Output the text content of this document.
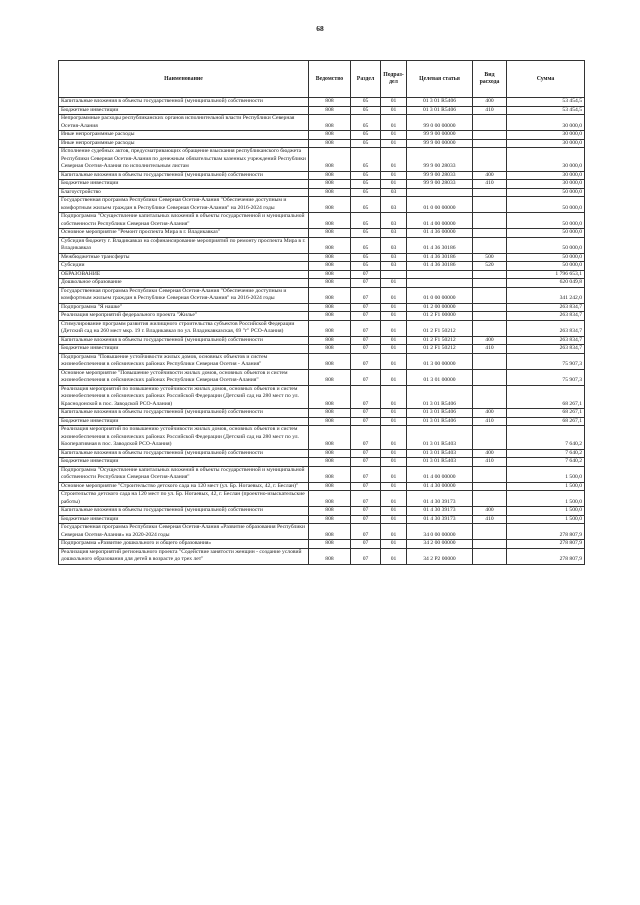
68
Наименование	Ведомство	Раздел	Подраз-дел	Целевая статья	Вид расхода	Сумма
Капитальные вложения в объекты государственной (муниципальной) собственности	808	05	01	01 3 01 R5406	400	53 454,5
Бюджетные инвестиции	808	05	01	01 3 01 R5406	410	53 454,5
Непрограммные расходы республиканских органов исполнительной власти Республики Северная Осетия-Алания	808	05	01	99 0 00 00000		30 000,0
Иные непрограммные расходы	808	05	01	99 9 00 00000		30 000,0
Иные непрограммные расходы	808	05	01	99 9 00 00000		30 000,0
Исполнение судебных актов, предусматривающих обращение взыскания республиканского бюджета Республики Северная Осетия-Алания по денежным обязательствам казенных учреждений Республики Северная Осетия-Алания по исполнительным листам	808	05	01	99 9 00 28033		30 000,0
Капитальные вложения в объекты государственной (муниципальной) собственности	808	05	01	99 9 00 28033	400	30 000,0
Бюджетные инвестиции	808	05	01	99 9 00 28033	410	30 000,0
Благоустройство	808	05	03			50 000,0
Государственная программа Республики Северная Осетия-Алания "Обеспечение доступным и комфортным жильем граждан в Республике Северная Осетия-Алания" на 2016-2024 годы	808	05	03	01 0 00 00000		50 000,0
Подпрограмма "Осуществление капитальных вложений в объекты государственной и муниципальной собственности Республики Северная Осетия-Алания"	808	05	03	01 4 00 00000		50 000,0
Основное мероприятие "Ремонт проспекта Мира в г. Владикавказ"	808	05	03	01 4 36 00000		50 000,0
Субсидия бюджету г. Владикавказ на софинансирование мероприятий по ремонту проспекта Мира в г. Владикавказ	808	05	03	01 4 36 30186		50 000,0
Межбюджетные трансферты	808	05	03	01 4 36 30186	500	50 000,0
Субсидии	808	05	03	01 4 36 30186	520	50 000,0
ОБРАЗОВАНИЕ	808	07				1 796 653,1
Дошкольное образование	808	07	01			620 049,8
Государственная программа Республики Северная Осетия-Алания "Обеспечение доступным и комфортным жильем граждан в Республике Северная Осетия-Алания" на 2016-2024 годы	808	07	01	01 0 00 00000		341 242,0
Подпрограмма "Я нашке"	808	07	01	01 2 00 00000		263 834,7
Реализация мероприятий федерального проекта "Жилье"	808	07	01	01 2 F1 00000		263 834,7
Стимулирование программ развития жилищного строительства субъектов Российской Федерации (Детский сад на 260 мест мкр. 19 г. Владикавказ по ул. Владикавказская, 69 "г" РСО-Алания)	808	07	01	01 2 F1 50212		263 834,7
Капитальные вложения в объекты государственной (муниципальной) собственности	808	07	01	01 2 F1 50212	400	263 834,7
Бюджетные инвестиции	808	07	01	01 2 F1 50212	410	263 834,7
Подпрограмма "Повышение устойчивости жилых домов, основных объектов и систем жизнеобеспечения в сейсмических районах Республики Северная Осетия - Алания"	808	07	01	01 3 00 00000		75 907,3
Основное мероприятие "Повышение устойчивости жилых домов, основных объектов и систем жизнеобеспечения в сейсмических районах Республики Северная Осетия-Алания"	808	07	01	01 3 01 00000		75 907,3
Реализация мероприятий по повышению устойчивости жилых домов, основных объектов и систем жизнеобеспечения в сейсмических районах Российской Федерации (Детский сад на 280 мест по ул. Краснодонской в пос. Заводской РСО-Алания)	808	07	01	01 3 01 R5406		68 267,1
Капитальные вложения в объекты государственной (муниципальной) собственности	808	07	01	01 3 01 R5406	400	68 267,1
Бюджетные инвестиции	808	07	01	01 3 01 R5406	410	68 267,1
Реализация мероприятий по повышению устойчивости жилых домов, основных объектов и систем жизнеобеспечения в сейсмических районах Российской Федерации (Детский сад на 280 мест по ул. Кооперативная в пос. Заводской РСО-Алания)	808	07	01	01 3 01 R5403		7 640,2
Капитальные вложения в объекты государственной (муниципальной) собственности	808	07	01	01 3 01 R5403	400	7 640,2
Бюджетные инвестиции	808	07	01	01 3 01 R5403	410	7 640,2
Подпрограмма "Осуществление капитальных вложений в объекты государственной и муниципальной собственности Республики Северная Осетия-Алания"	808	07	01	01 4 00 00000		1 500,0
Основное мероприятие "Строительство детского сада на 120 мест (ул. Бр. Ногаевых, 42, г. Беслан)"	808	07	01	01 4 30 00000		1 500,0
Строительство детского сада на 120 мест по ул. Бр. Ногаевых, 42, г. Беслан (проектно-изыскательские работы)	808	07	01	01 4 30 39173		1 500,0
Капитальные вложения в объекты государственной (муниципальной) собственности	808	07	01	01 4 30 39173	400	1 500,0
Бюджетные инвестиции	808	07	01	01 4 30 39173	410	1 500,0
Государственная программа Республики Северная Осетия-Алания «Развитие образования Республики Северная Осетия-Алания» на 2020-2024 годы	808	07	01	34 0 00 00000		278 807,9
Подпрограмма «Развитие дошкольного и общего образования»	808	07	01	34 2 00 00000		278 807,9
Реализация мероприятий регионального проекта "Содействие занятости женщин - создание условий дошкольного образования для детей в возрасте до трех лет"	808	07	01	34 2 P2 00000		278 807,9
